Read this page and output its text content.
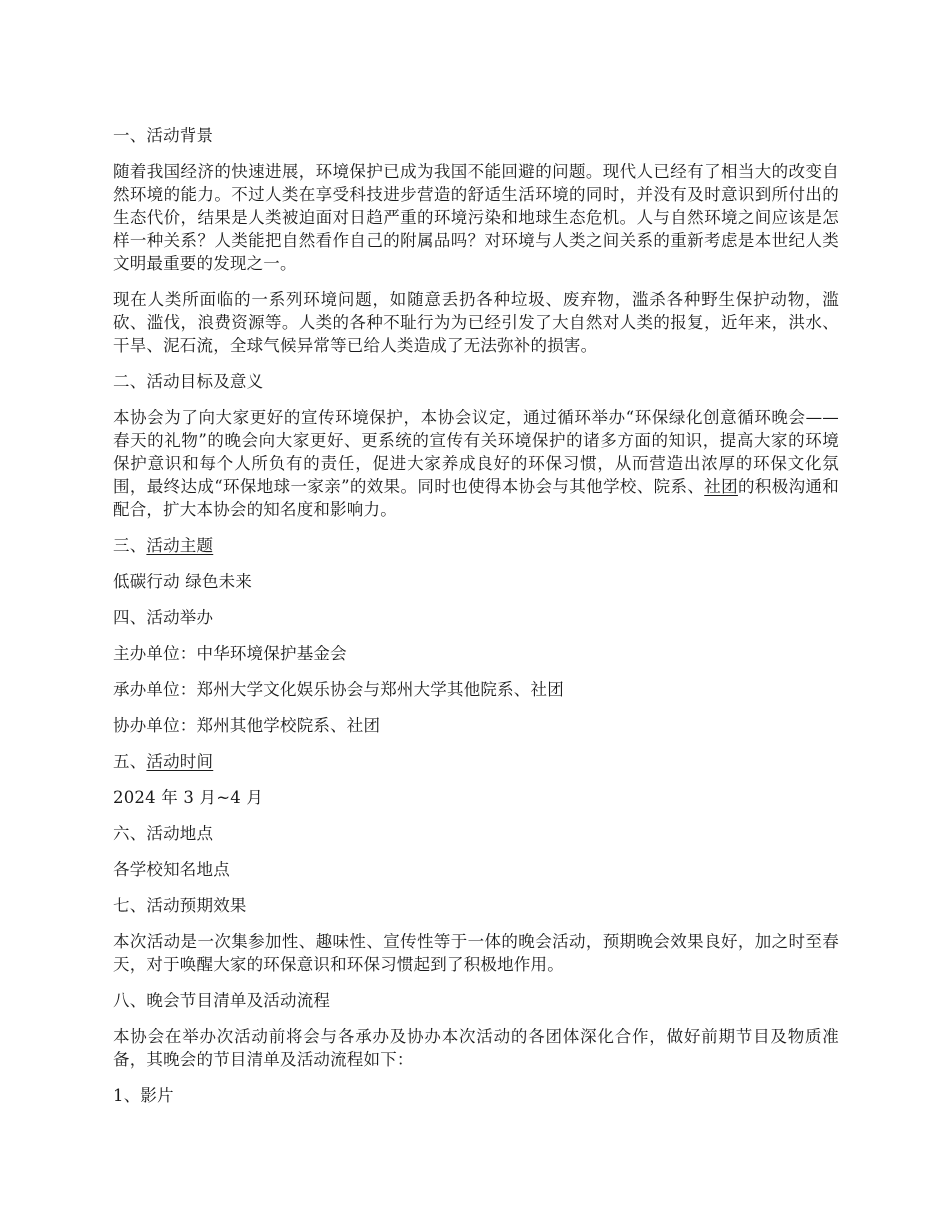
一、活动背景

随着我国经济的快速进展，环境保护已成为我国不能回避的问题。现代人已经有了相当大的改变自然环境的能力。不过人类在享受科技进步营造的舒适生活环境的同时，并没有及时意识到所付出的生态代价，结果是人类被迫面对日趋严重的环境污染和地球生态危机。人与自然环境之间应该是怎样一种关系？人类能把自然看作自己的附属品吗？对环境与人类之间关系的重新考虑是本世纪人类文明最重要的发现之一。

现在人类所面临的一系列环境问题，如随意丢扔各种垃圾、废弃物，滥杀各种野生保护动物，滥砍、滥伐，浪费资源等。人类的各种不耻行为为已经引发了大自然对人类的报复，近年来，洪水、干旱、泥石流，全球气候异常等已给人类造成了无法弥补的损害。

二、活动目标及意义

本协会为了向大家更好的宣传环境保护，本协会议定，通过循环举办“环保绿化创意循环晚会——春天的礼物”的晚会向大家更好、更系统的宣传有关环境保护的诸多方面的知识，提高大家的环境保护意识和每个人所负有的责任，促进大家养成良好的环保习惯，从而营造出浓厚的环保文化氛围，最终达成“环保地球一家亲”的效果。同时也使得本协会与其他学校、院系、社团的积极沟通和配合，扩大本协会的知名度和影响力。

三、活动主题

低碳行动 绿色未来

四、活动举办

主办单位：中华环境保护基金会

承办单位：郑州大学文化娱乐协会与郑州大学其他院系、社团

协办单位：郑州其他学校院系、社团

五、活动时间

2024 年 3 月~4 月

六、活动地点

各学校知名地点

七、活动预期效果

本次活动是一次集参加性、趣味性、宣传性等于一体的晚会活动，预期晚会效果良好，加之时至春天，对于唤醒大家的环保意识和环保习惯起到了积极地作用。

八、晚会节目清单及活动流程

本协会在举办次活动前将会与各承办及协办本次活动的各团体深化合作，做好前期节目及物质准备，其晚会的节目清单及活动流程如下：

1、影片
